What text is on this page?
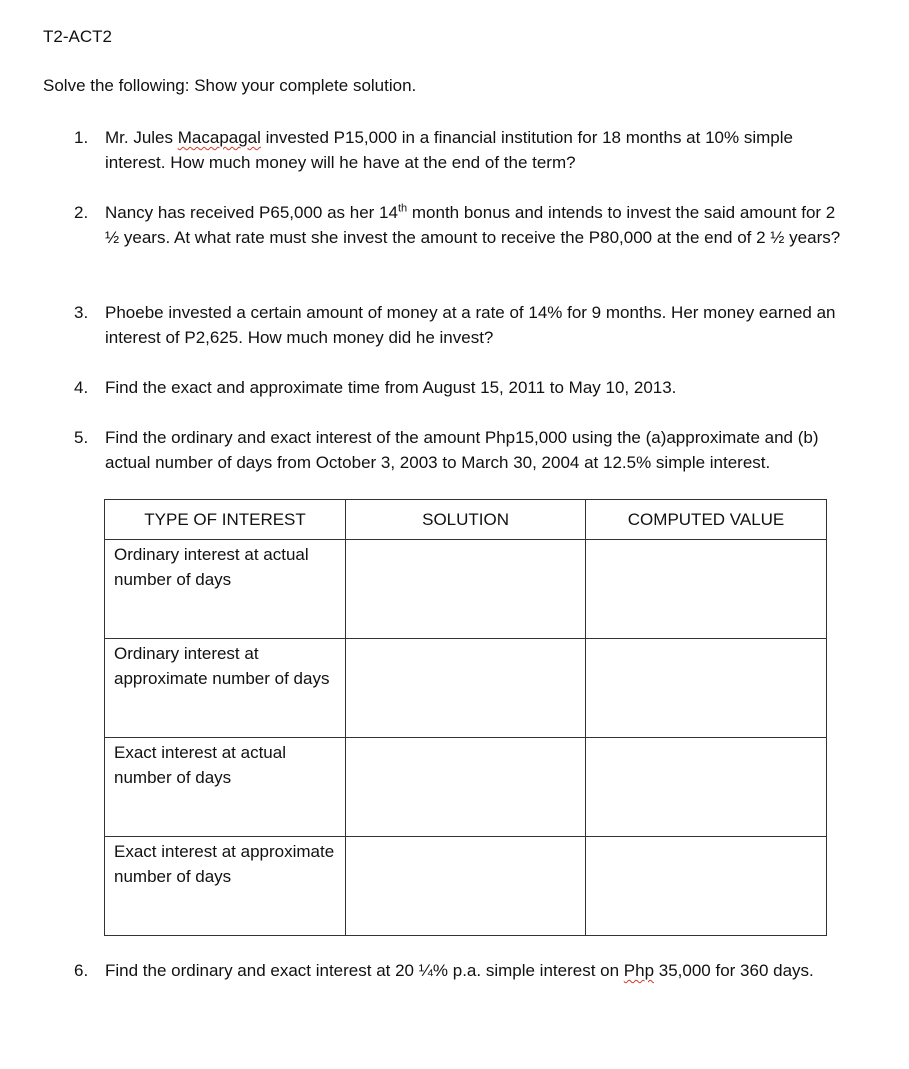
T2-ACT2
Solve the following: Show your complete solution.
1. Mr. Jules Macapagal invested P15,000 in a financial institution for 18 months at 10% simple interest. How much money will he have at the end of the term?
2. Nancy has received P65,000 as her 14th month bonus and intends to invest the said amount for 2 ½ years. At what rate must she invest the amount to receive the P80,000 at the end of 2 ½ years?
3. Phoebe invested a certain amount of money at a rate of 14% for 9 months. Her money earned an interest of P2,625. How much money did he invest?
4. Find the exact and approximate time from August 15, 2011 to May 10, 2013.
5. Find the ordinary and exact interest of the amount Php15,000 using the (a)approximate and (b) actual number of days from October 3, 2003 to March 30, 2004 at 12.5% simple interest.
TYPE OF INTEREST	SOLUTION	COMPUTED VALUE
Ordinary interest at actual number of days		
Ordinary interest at approximate number of days		
Exact interest at actual number of days		
Exact interest at approximate number of days		
6. Find the ordinary and exact interest at 20 ¼% p.a. simple interest on Php 35,000 for 360 days.
